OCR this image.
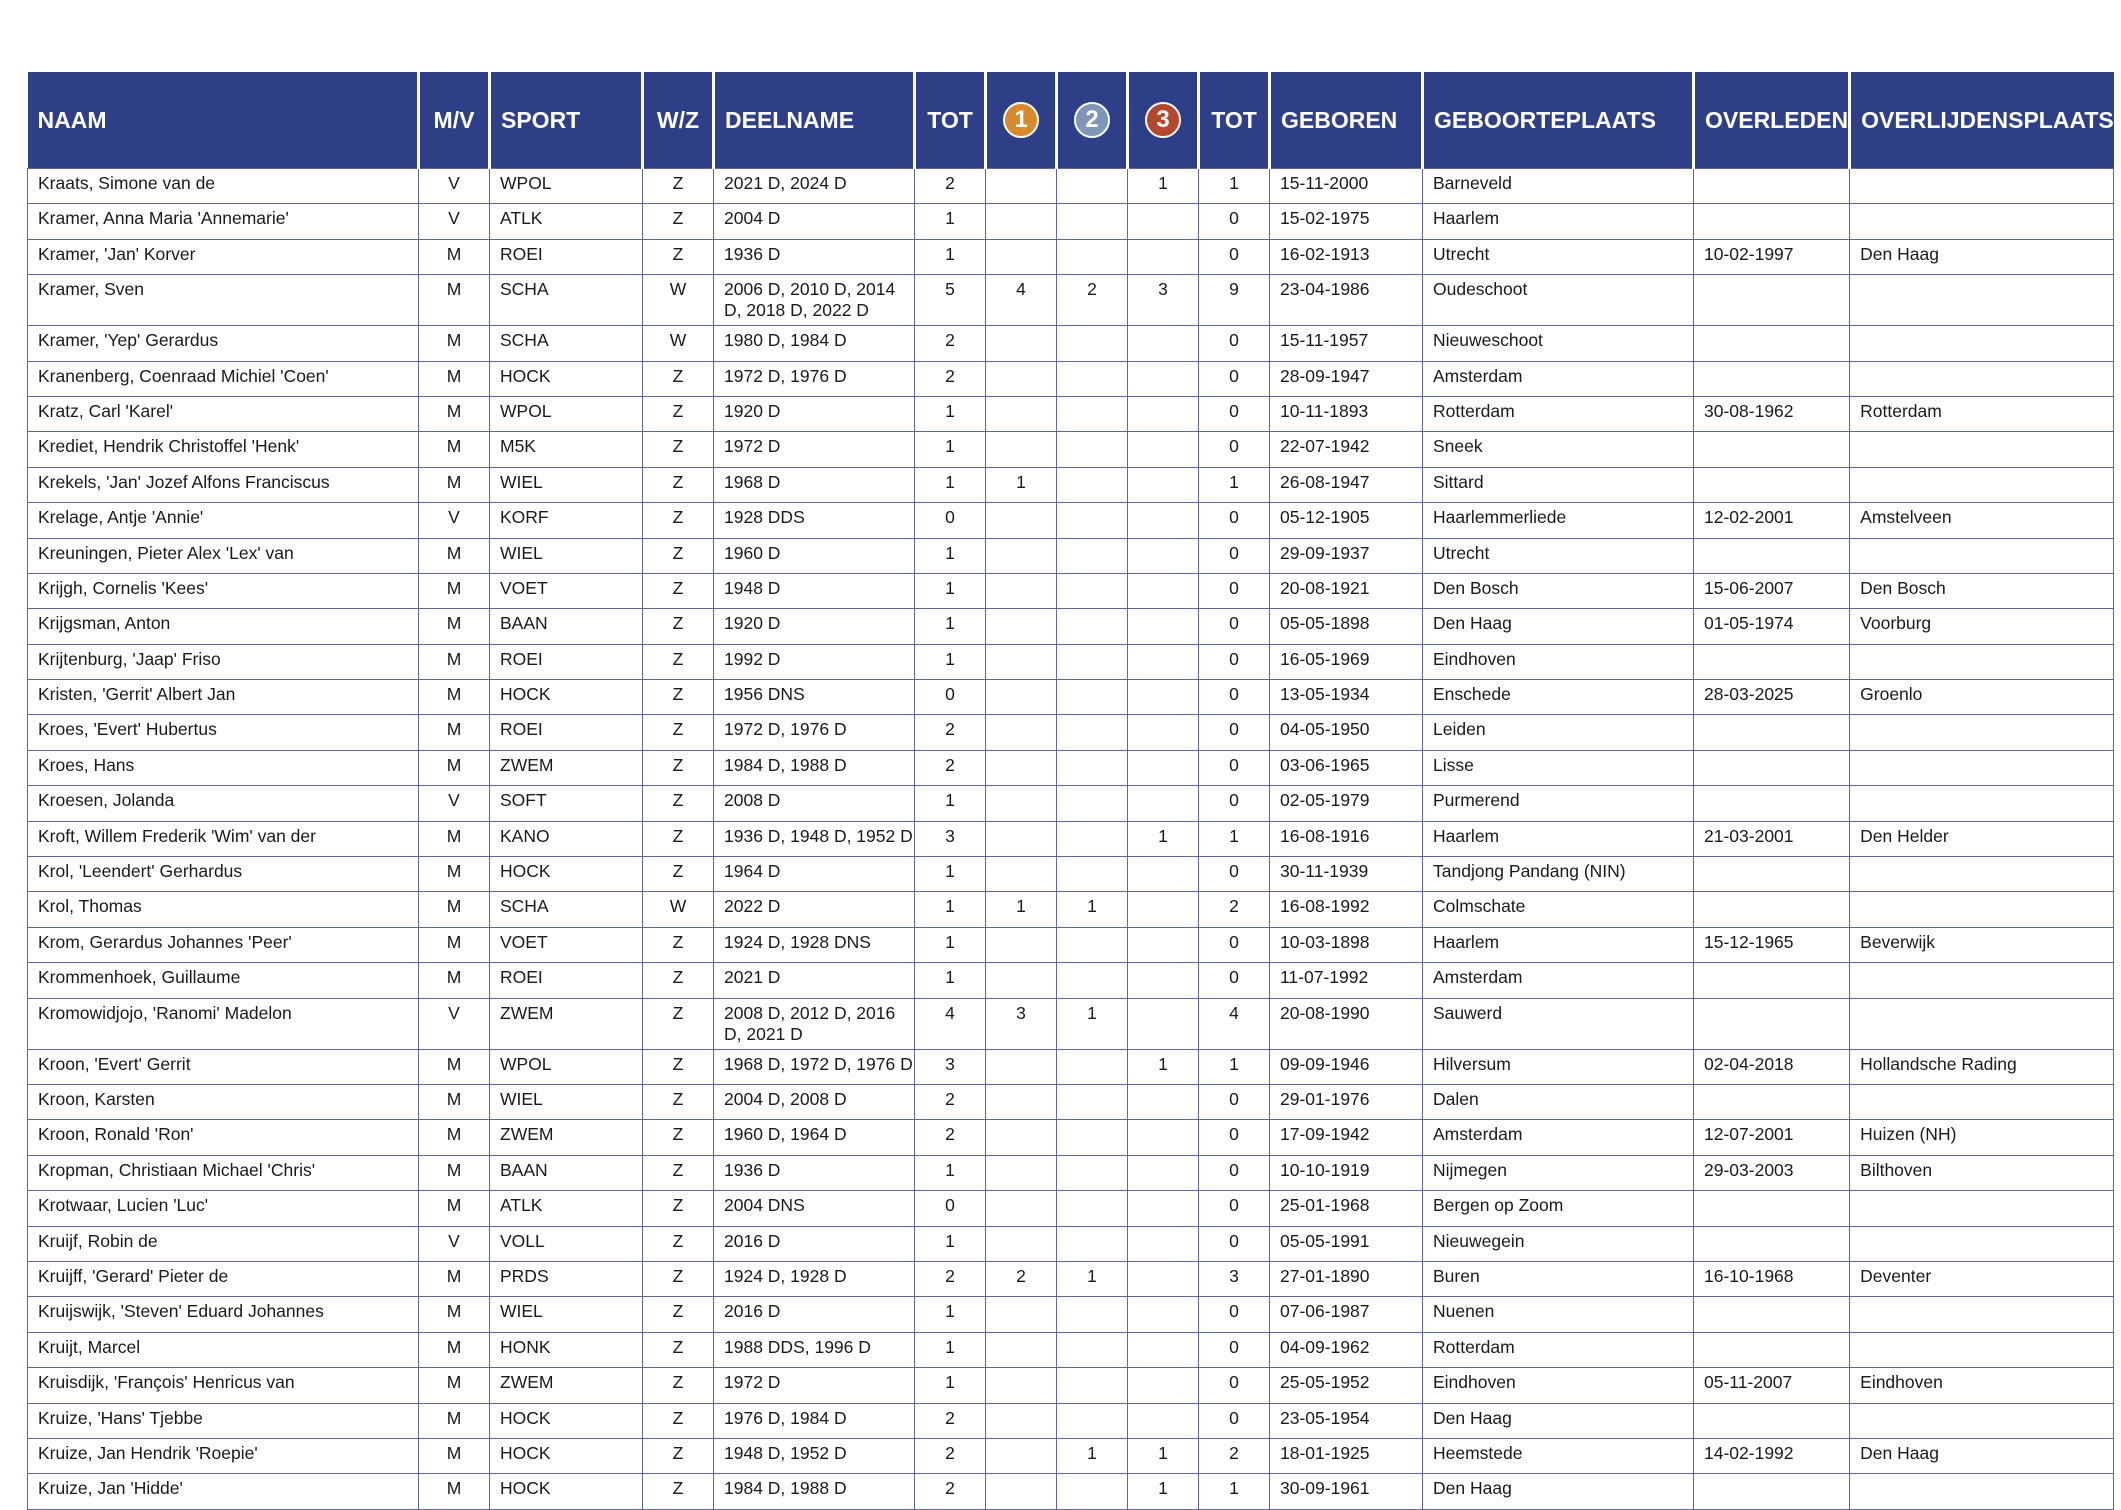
NAAM	M/V	SPORT	W/Z	DEELNAME	TOT	1	2	3	TOT	GEBOREN	GEBOORTEPLAATS	OVERLEDEN	OVERLIJDENSPLAATS
Kraats, Simone van de	V	WPOL	Z	2021 D, 2024 D	2			1	1	15-11-2000	Barneveld		
Kramer, Anna Maria 'Annemarie'	V	ATLK	Z	2004 D	1				0	15-02-1975	Haarlem		
Kramer, 'Jan' Korver	M	ROEI	Z	1936 D	1				0	16-02-1913	Utrecht	10-02-1997	Den Haag
Kramer, Sven	M	SCHA	W	2006 D, 2010 D, 2014 D, 2018 D, 2022 D	5	4	2	3	9	23-04-1986	Oudeschoot		
Kramer, 'Yep' Gerardus	M	SCHA	W	1980 D, 1984 D	2				0	15-11-1957	Nieuweschoot		
Kranenberg, Coenraad Michiel 'Coen'	M	HOCK	Z	1972 D, 1976 D	2				0	28-09-1947	Amsterdam		
Kratz, Carl 'Karel'	M	WPOL	Z	1920 D	1				0	10-11-1893	Rotterdam	30-08-1962	Rotterdam
Krediet, Hendrik Christoffel 'Henk'	M	M5K	Z	1972 D	1				0	22-07-1942	Sneek		
Krekels, 'Jan' Jozef Alfons Franciscus	M	WIEL	Z	1968 D	1	1			1	26-08-1947	Sittard		
Krelage, Antje 'Annie'	V	KORF	Z	1928 DDS	0				0	05-12-1905	Haarlemmerliede	12-02-2001	Amstelveen
Kreuningen, Pieter Alex 'Lex' van	M	WIEL	Z	1960 D	1				0	29-09-1937	Utrecht		
Krijgh, Cornelis 'Kees'	M	VOET	Z	1948 D	1				0	20-08-1921	Den Bosch	15-06-2007	Den Bosch
Krijgsman, Anton	M	BAAN	Z	1920 D	1				0	05-05-1898	Den Haag	01-05-1974	Voorburg
Krijtenburg, 'Jaap' Friso	M	ROEI	Z	1992 D	1				0	16-05-1969	Eindhoven		
Kristen, 'Gerrit' Albert Jan	M	HOCK	Z	1956 DNS	0				0	13-05-1934	Enschede	28-03-2025	Groenlo
Kroes, 'Evert' Hubertus	M	ROEI	Z	1972 D, 1976 D	2				0	04-05-1950	Leiden		
Kroes, Hans	M	ZWEM	Z	1984 D, 1988 D	2				0	03-06-1965	Lisse		
Kroesen, Jolanda	V	SOFT	Z	2008 D	1				0	02-05-1979	Purmerend		
Kroft, Willem Frederik 'Wim' van der	M	KANO	Z	1936 D, 1948 D, 1952 D	3			1	1	16-08-1916	Haarlem	21-03-2001	Den Helder
Krol, 'Leendert' Gerhardus	M	HOCK	Z	1964 D	1				0	30-11-1939	Tandjong Pandang (NIN)		
Krol, Thomas	M	SCHA	W	2022 D	1	1	1		2	16-08-1992	Colmschate		
Krom, Gerardus Johannes 'Peer'	M	VOET	Z	1924 D, 1928 DNS	1				0	10-03-1898	Haarlem	15-12-1965	Beverwijk
Krommenhoek, Guillaume	M	ROEI	Z	2021 D	1				0	11-07-1992	Amsterdam		
Kromowidjojo, 'Ranomi' Madelon	V	ZWEM	Z	2008 D, 2012 D, 2016 D, 2021 D	4	3	1		4	20-08-1990	Sauwerd		
Kroon, 'Evert' Gerrit	M	WPOL	Z	1968 D, 1972 D, 1976 D	3			1	1	09-09-1946	Hilversum	02-04-2018	Hollandsche Rading
Kroon, Karsten	M	WIEL	Z	2004 D, 2008 D	2				0	29-01-1976	Dalen		
Kroon, Ronald 'Ron'	M	ZWEM	Z	1960 D, 1964 D	2				0	17-09-1942	Amsterdam	12-07-2001	Huizen (NH)
Kropman, Christiaan Michael 'Chris'	M	BAAN	Z	1936 D	1				0	10-10-1919	Nijmegen	29-03-2003	Bilthoven
Krotwaar, Lucien 'Luc'	M	ATLK	Z	2004 DNS	0				0	25-01-1968	Bergen op Zoom		
Kruijf, Robin de	V	VOLL	Z	2016 D	1				0	05-05-1991	Nieuwegein		
Kruijff, 'Gerard' Pieter de	M	PRDS	Z	1924 D, 1928 D	2	2	1		3	27-01-1890	Buren	16-10-1968	Deventer
Kruijswijk, 'Steven' Eduard Johannes	M	WIEL	Z	2016 D	1				0	07-06-1987	Nuenen		
Kruijt, Marcel	M	HONK	Z	1988 DDS, 1996 D	1				0	04-09-1962	Rotterdam		
Kruisdijk, 'François' Henricus van	M	ZWEM	Z	1972 D	1				0	25-05-1952	Eindhoven	05-11-2007	Eindhoven
Kruize, 'Hans' Tjebbe	M	HOCK	Z	1976 D, 1984 D	2				0	23-05-1954	Den Haag		
Kruize, Jan Hendrik 'Roepie'	M	HOCK	Z	1948 D, 1952 D	2		1	1	2	18-01-1925	Heemstede	14-02-1992	Den Haag
Kruize, Jan 'Hidde'	M	HOCK	Z	1984 D, 1988 D	2			1	1	30-09-1961	Den Haag		
